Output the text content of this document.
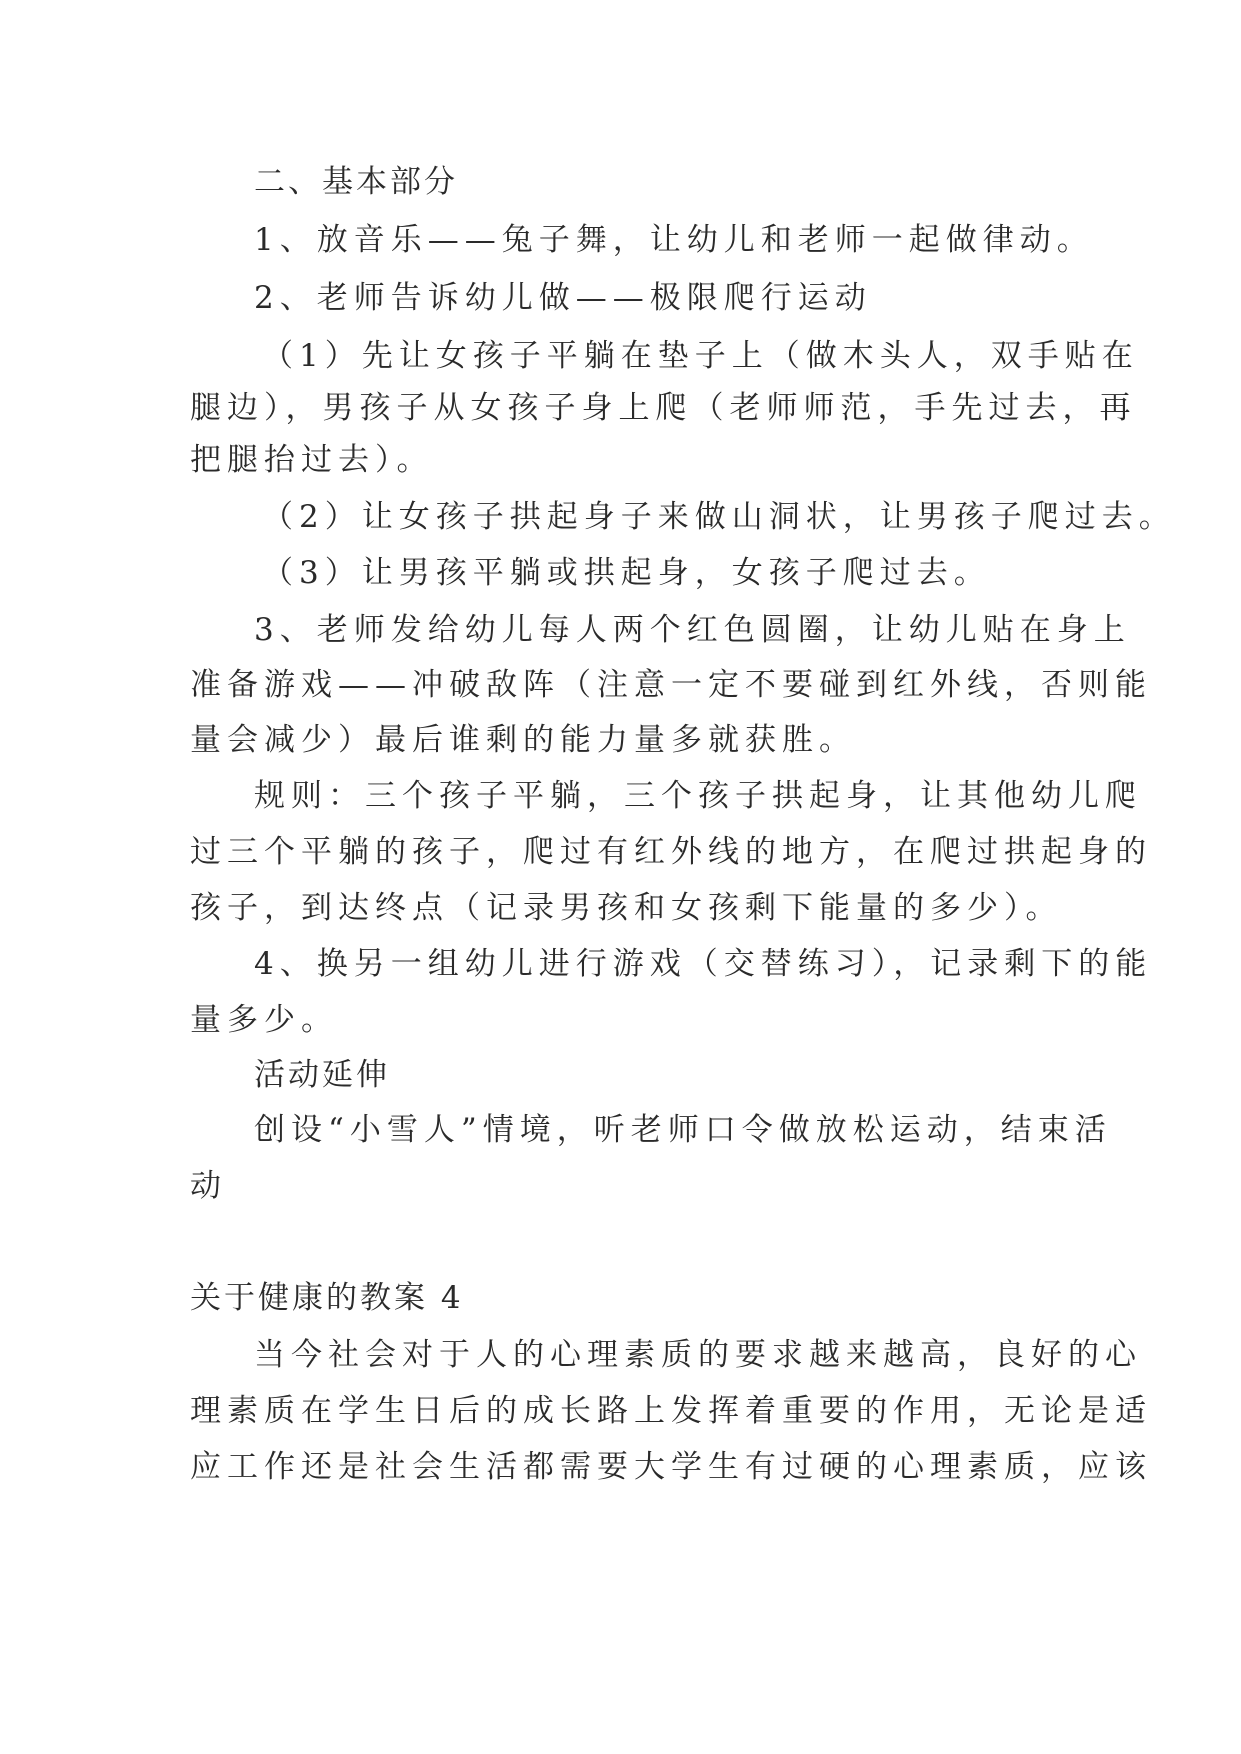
二、基本部分

1、放音乐——兔子舞，让幼儿和老师一起做律动。

2、老师告诉幼儿做——极限爬行运动

（1）先让女孩子平躺在垫子上（做木头人，双手贴在

腿边），男孩子从女孩子身上爬（老师师范，手先过去，再

把腿抬过去）。

（2）让女孩子拱起身子来做山洞状，让男孩子爬过去。

（3）让男孩平躺或拱起身，女孩子爬过去。

3、老师发给幼儿每人两个红色圆圈，让幼儿贴在身上

准备游戏——冲破敌阵（注意一定不要碰到红外线，否则能

量会减少）最后谁剩的能力量多就获胜。

规则：三个孩子平躺，三个孩子拱起身，让其他幼儿爬

过三个平躺的孩子，爬过有红外线的地方，在爬过拱起身的

孩子，到达终点（记录男孩和女孩剩下能量的多少）。

4、换另一组幼儿进行游戏（交替练习），记录剩下的能

量多少。

活动延伸

创设“小雪人”情境，听老师口令做放松运动，结束活

动

关于健康的教案 4

当今社会对于人的心理素质的要求越来越高，良好的心

理素质在学生日后的成长路上发挥着重要的作用，无论是适

应工作还是社会生活都需要大学生有过硬的心理素质，应该
